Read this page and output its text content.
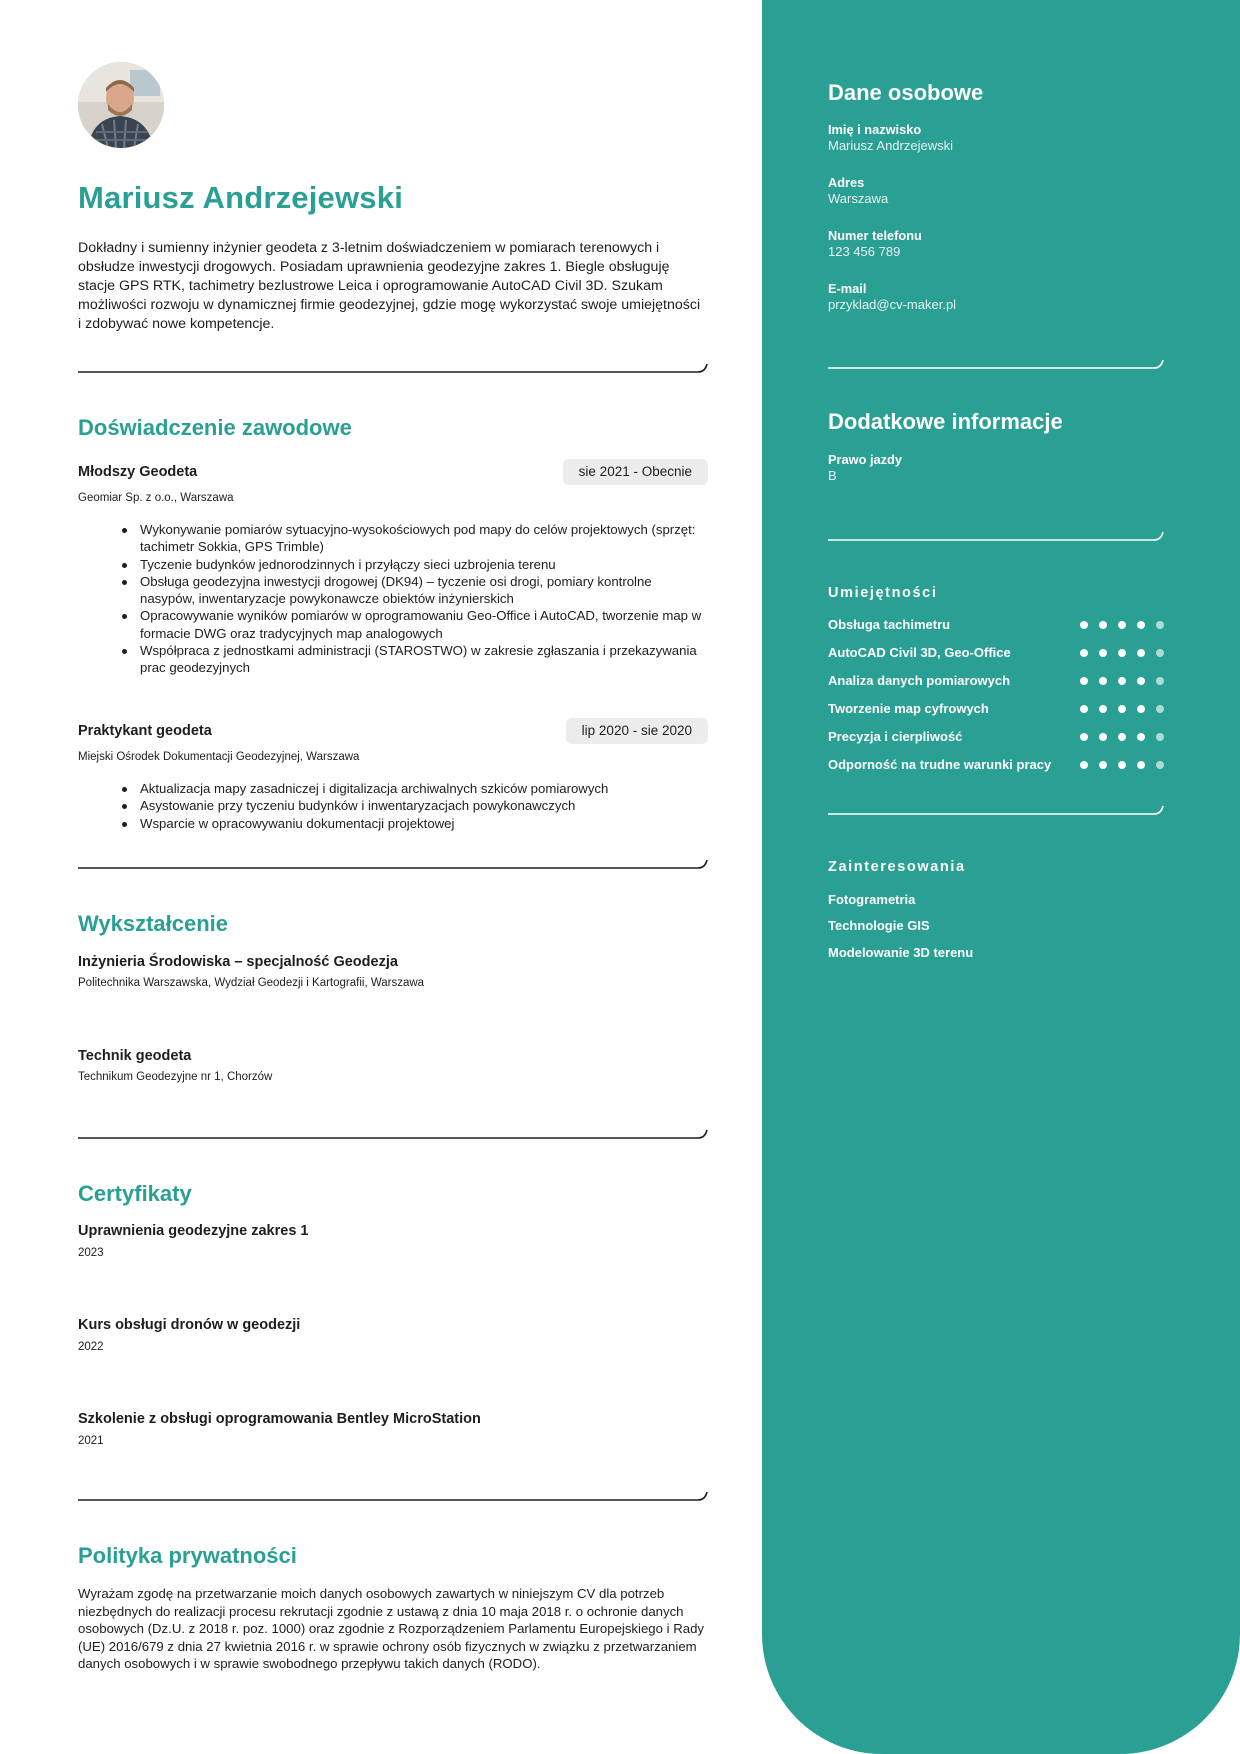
Mariusz Andrzejewski
Dokładny i sumienny inżynier geodeta z 3-letnim doświadczeniem w pomiarach terenowych i obsłudze inwestycji drogowych. Posiadam uprawnienia geodezyjne zakres 1. Biegle obsługuję stacje GPS RTK, tachimetry bezlustrowe Leica i oprogramowanie AutoCAD Civil 3D. Szukam możliwości rozwoju w dynamicznej firmie geodezyjnej, gdzie mogę wykorzystać swoje umiejętności i zdobywać nowe kompetencje.
Doświadczenie zawodowe
Młodszy Geodeta	sie 2021 - Obecnie
Geomiar Sp. z o.o., Warszawa
Wykonywanie pomiarów sytuacyjno-wysokościowych pod mapy do celów projektowych (sprzęt: tachimetr Sokkia, GPS Trimble)
Tyczenie budynków jednorodzinnych i przyłączy sieci uzbrojenia terenu
Obsługa geodezyjna inwestycji drogowej (DK94) – tyczenie osi drogi, pomiary kontrolne nasypów, inwentaryzacje powykonawcze obiektów inżynierskich
Opracowywanie wyników pomiarów w oprogramowaniu Geo-Office i AutoCAD, tworzenie map w formacie DWG oraz tradycyjnych map analogowych
Współpraca z jednostkami administracji (STAROSTWO) w zakresie zgłaszania i przekazywania prac geodezyjnych
Praktykant geodeta	lip 2020 - sie 2020
Miejski Ośrodek Dokumentacji Geodezyjnej, Warszawa
Aktualizacja mapy zasadniczej i digitalizacja archiwalnych szkiców pomiarowych
Asystowanie przy tyczeniu budynków i inwentaryzacjach powykonawczych
Wsparcie w opracowywaniu dokumentacji projektowej
Wykształcenie
Inżynieria Środowiska – specjalność Geodezja
Politechnika Warszawska, Wydział Geodezji i Kartografii, Warszawa
Technik geodeta
Technikum Geodezyjne nr 1, Chorzów
Certyfikaty
Uprawnienia geodezyjne zakres 1
2023
Kurs obsługi dronów w geodezji
2022
Szkolenie z obsługi oprogramowania Bentley MicroStation
2021
Polityka prywatności
Wyrażam zgodę na przetwarzanie moich danych osobowych zawartych w niniejszym CV dla potrzeb niezbędnych do realizacji procesu rekrutacji zgodnie z ustawą z dnia 10 maja 2018 r. o ochronie danych osobowych (Dz.U. z 2018 r. poz. 1000) oraz zgodnie z Rozporządzeniem Parlamentu Europejskiego i Rady (UE) 2016/679 z dnia 27 kwietnia 2016 r. w sprawie ochrony osób fizycznych w związku z przetwarzaniem danych osobowych i w sprawie swobodnego przepływu takich danych (RODO).
Dane osobowe
Imię i nazwisko
Mariusz Andrzejewski
Adres
Warszawa
Numer telefonu
123 456 789
E-mail
przyklad@cv-maker.pl
Dodatkowe informacje
Prawo jazdy
B
Umiejętności
Obsługa tachimetru
AutoCAD Civil 3D, Geo-Office
Analiza danych pomiarowych
Tworzenie map cyfrowych
Precyzja i cierpliwość
Odporność na trudne warunki pracy
Zainteresowania
Fotogrametria
Technologie GIS
Modelowanie 3D terenu
